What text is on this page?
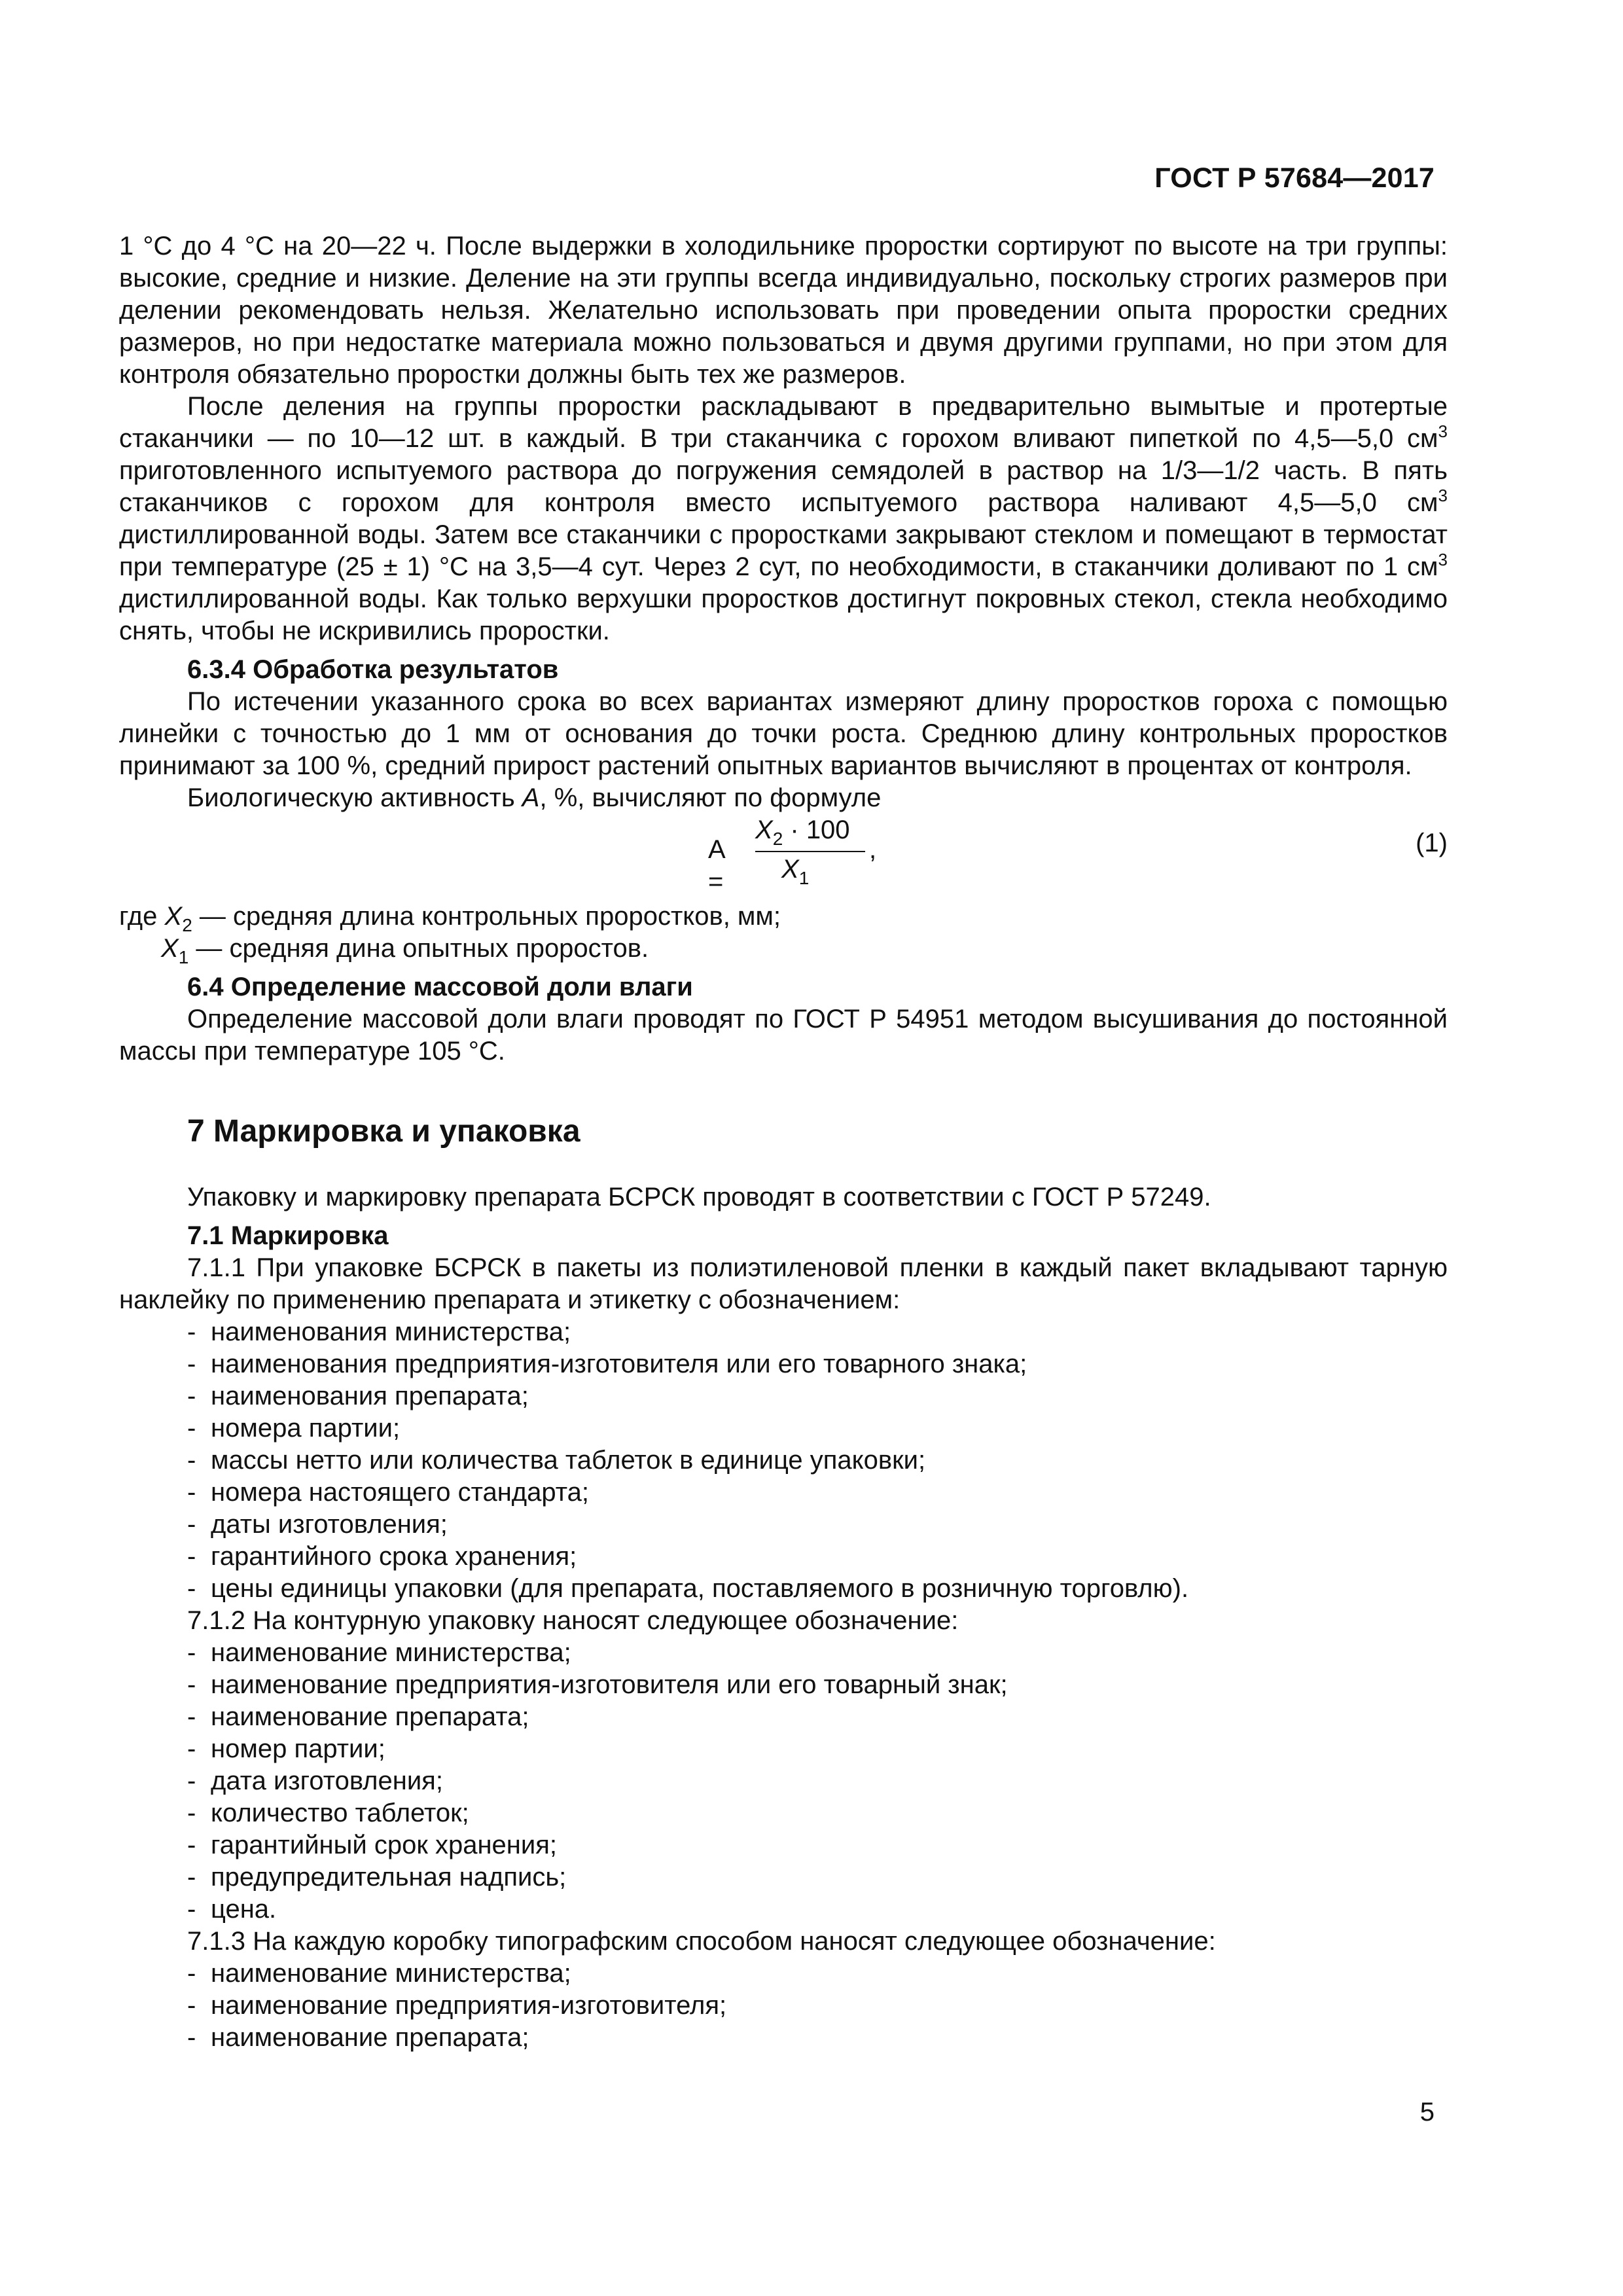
ГОСТ Р 57684—2017

1 °С до 4 °С на 20—22 ч. После выдержки в холодильнике проростки сортируют по высоте на три группы: высокие, средние и низкие. Деление на эти группы всегда индивидуально, поскольку строгих размеров при делении рекомендовать нельзя. Желательно использовать при проведении опыта проростки средних размеров, но при недостатке материала можно пользоваться и двумя другими группами, но при этом для контроля обязательно проростки должны быть тех же размеров.

После деления на группы проростки раскладывают в предварительно вымытые и протертые стаканчики — по 10—12 шт. в каждый. В три стаканчика с горохом вливают пипеткой по 4,5—5,0 $см^3$ приготовленного испытуемого раствора до погружения семядолей в раствор на 1/3—1/2 часть. В пять стаканчиков с горохом для контроля вместо испытуемого раствора наливают 4,5—5,0 $см^3$ дистиллированной воды. Затем все стаканчики с проростками закрывают стеклом и помещают в термостат при температуре (25 ± 1) °С на 3,5—4 сут. Через 2 сут, по необходимости, в стаканчики доливают по 1 $см^3$ дистиллированной воды. Как только верхушки проростков достигнут покровных стекол, стекла необходимо снять, чтобы не искривились проростки.

6.3.4 Обработка результатов

По истечении указанного срока во всех вариантах измеряют длину проростков гороха с помощью линейки с точностью до 1 мм от основания до точки роста. Среднюю длину контрольных проростков принимают за 100 %, средний прирост растений опытных вариантов вычисляют в процентах от контроля.

Биологическую активность А, %, вычисляют по формуле

A =
$X_2 \cdot 100$
$X_1$
,	(1)

где $X_2$ — средняя длина контрольных проростков, мм;

$X_1$ — средняя дина опытных проростов.

6.4 Определение массовой доли влаги

Определение массовой доли влаги проводят по ГОСТ Р 54951 методом высушивания до постоянной массы при температуре 105 °С.

7 Маркировка и упаковка

Упаковку и маркировку препарата БСРСК проводят в соответствии с ГОСТ Р 57249.

7.1 Маркировка

7.1.1 При упаковке БСРСК в пакеты из полиэтиленовой пленки в каждый пакет вкладывают тарную наклейку по применению препарата и этикетку с обозначением:

- наименования министерства;
- наименования предприятия-изготовителя или его товарного знака;
- наименования препарата;
- номера партии;
- массы нетто или количества таблеток в единице упаковки;
- номера настоящего стандарта;
- даты изготовления;
- гарантийного срока хранения;
- цены единицы упаковки (для препарата, поставляемого в розничную торговлю).

7.1.2 На контурную упаковку наносят следующее обозначение:

- наименование министерства;
- наименование предприятия-изготовителя или его товарный знак;
- наименование препарата;
- номер партии;
- дата изготовления;
- количество таблеток;
- гарантийный срок хранения;
- предупредительная надпись;
- цена.

7.1.3 На каждую коробку типографским способом наносят следующее обозначение:

- наименование министерства;
- наименование предприятия-изготовителя;
- наименование препарата;
5
